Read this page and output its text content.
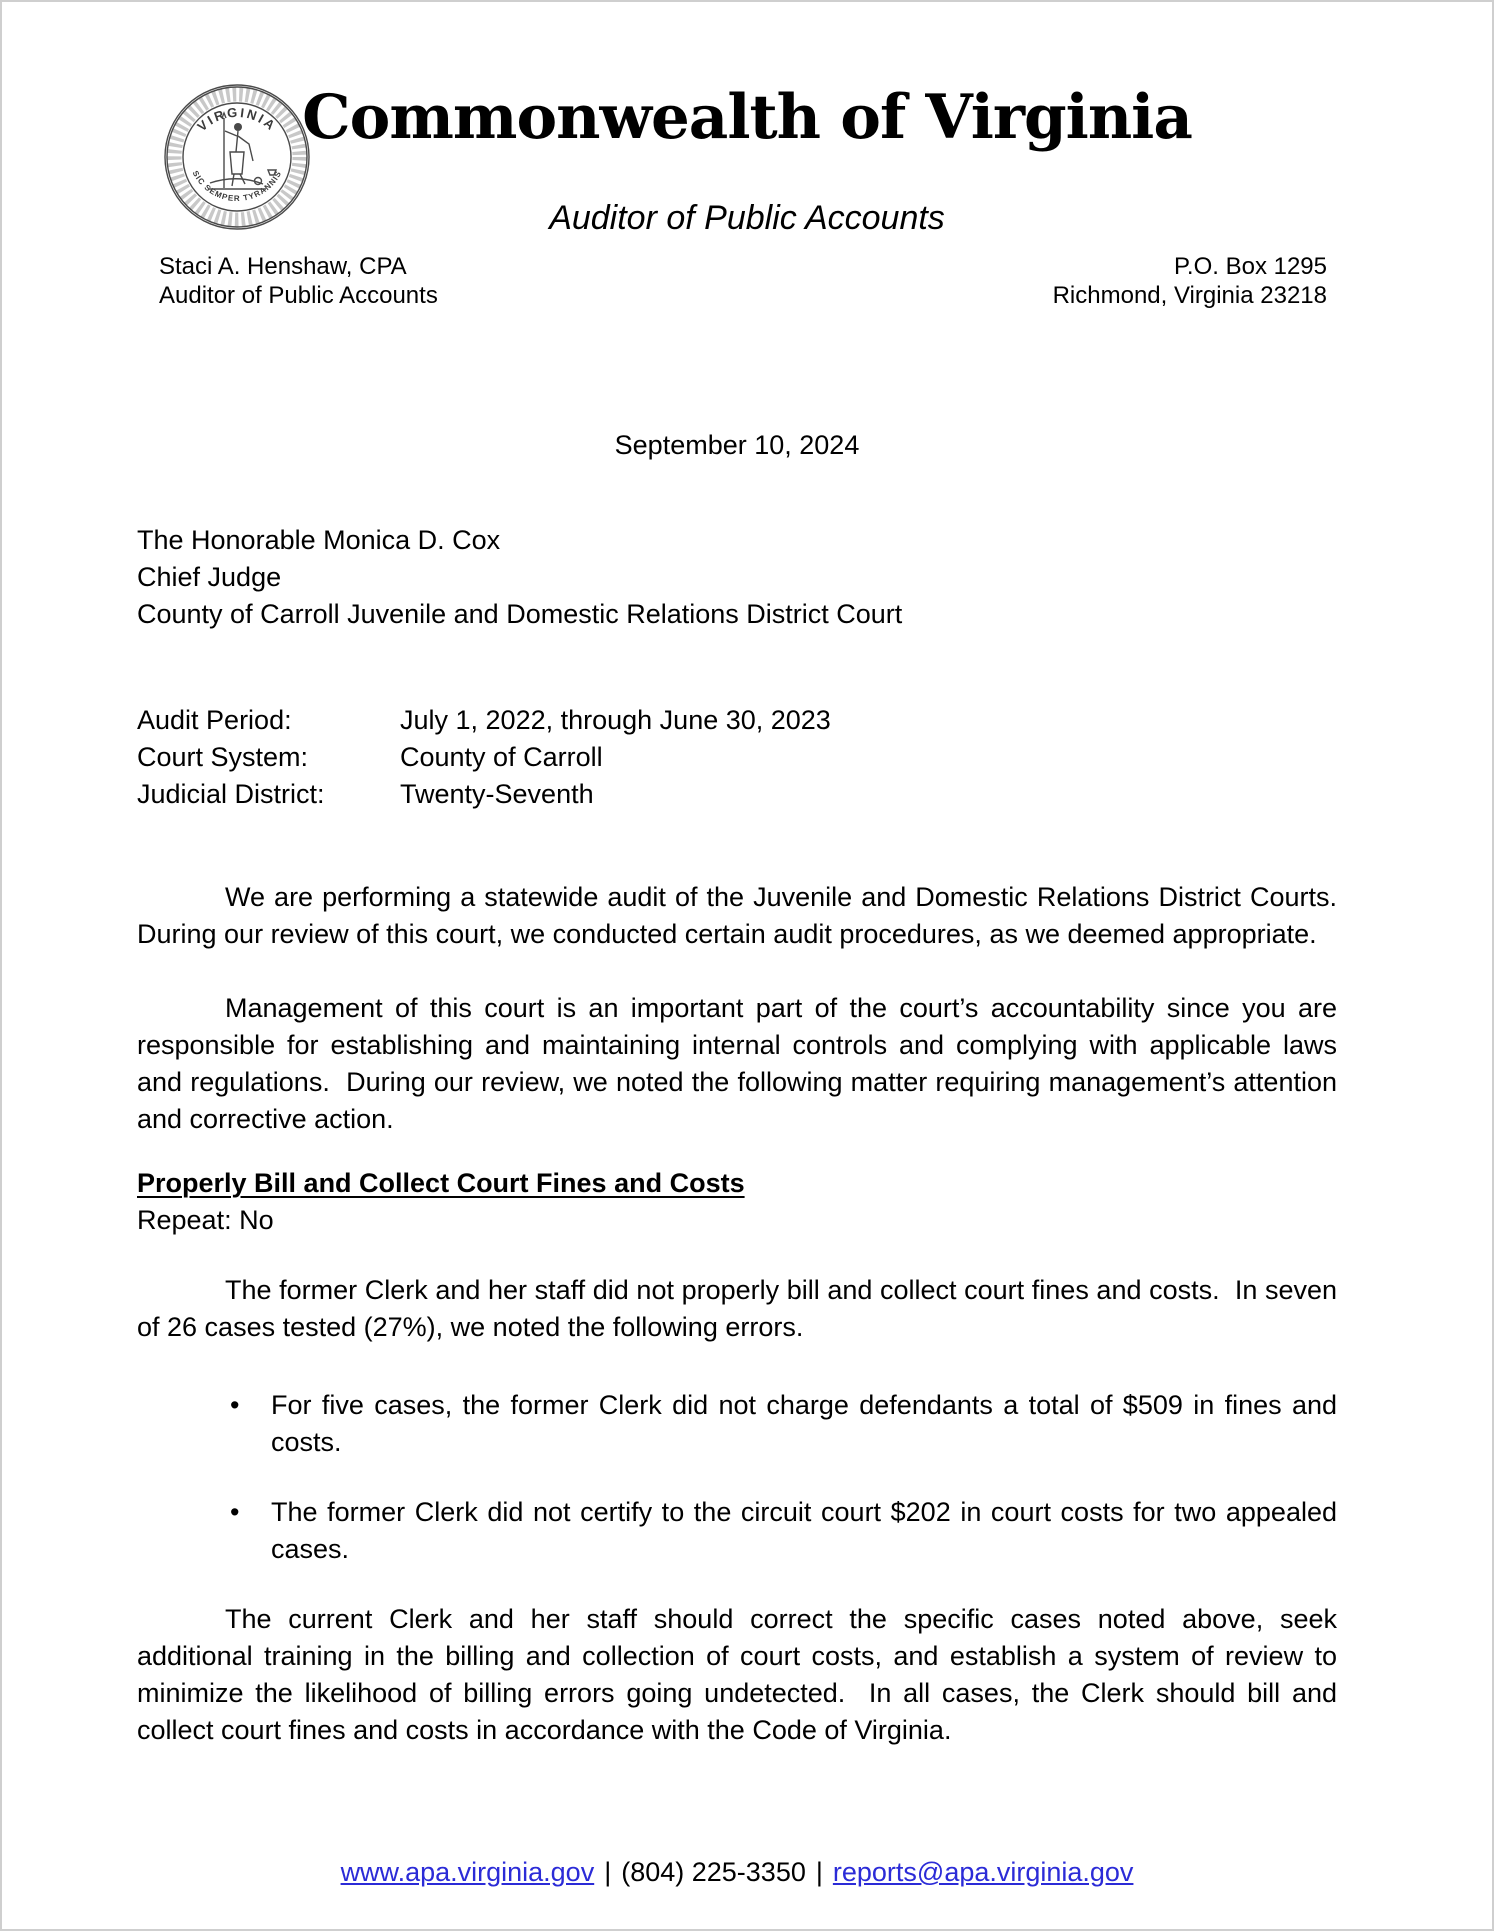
VIRGINIA
SIC SEMPER TYRANNIS
Commonwealth of Virginia
Auditor of Public Accounts
Staci A. Henshaw, CPA
Auditor of Public Accounts
P.O. Box 1295
Richmond, Virginia 23218
September 10, 2024
The Honorable Monica D. Cox
Chief Judge
County of Carroll Juvenile and Domestic Relations District Court
Audit Period:	July 1, 2022, through June 30, 2023
Court System:	County of Carroll
Judicial District:	Twenty-Seventh
We are performing a statewide audit of the Juvenile and Domestic Relations District Courts.  During our review of this court, we conducted certain audit procedures, as we deemed appropriate.
Management of this court is an important part of the court’s accountability since you are responsible for establishing and maintaining internal controls and complying with applicable laws and regulations.  During our review, we noted the following matter requiring management’s attention and corrective action.
Properly Bill and Collect Court Fines and Costs
Repeat: No
The former Clerk and her staff did not properly bill and collect court fines and costs.  In seven of 26 cases tested (27%), we noted the following errors.
•	For five cases, the former Clerk did not charge defendants a total of $509 in fines and costs.
•	The former Clerk did not certify to the circuit court $202 in court costs for two appealed cases.
The current Clerk and her staff should correct the specific cases noted above, seek additional training in the billing and collection of court costs, and establish a system of review to minimize the likelihood of billing errors going undetected.  In all cases, the Clerk should bill and collect court fines and costs in accordance with the Code of Virginia.
www.apa.virginia.gov | (804) 225-3350 | reports@apa.virginia.gov
